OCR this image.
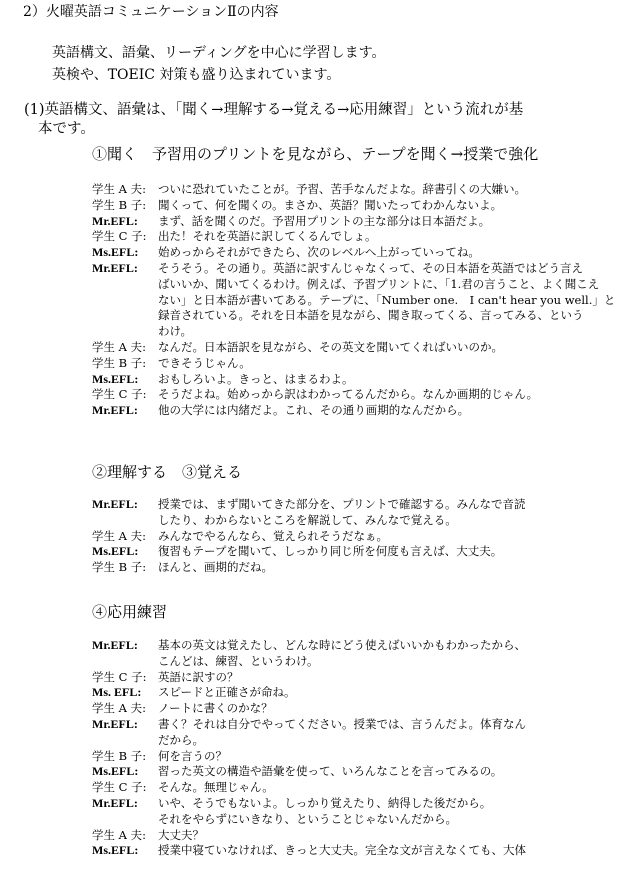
2）火曜英語コミュニケーションⅡの内容
英語構文、語彙、リーディングを中心に学習します。
英検や、TOEIC 対策も盛り込まれています。
(1)英語構文、語彙は、「聞く→理解する→覚える→応用練習」という流れが基
本です。
①聞く　予習用のプリントを見ながら、テープを聞く→授業で強化
学生 A 夫:	ついに恐れていたことが。予習、苦手なんだよな。辞書引くの大嫌い。
学生 B 子:	聞くって、何を聞くの。まさか、英語？聞いたってわかんないよ。
Mr.EFL:	まず、話を聞くのだ。予習用プリントの主な部分は日本語だよ。
学生 C 子:	出た！それを英語に訳してくるんでしょ。
Ms.EFL:	始めっからそれができたら、次のレベルへ上がっていってね。
Mr.EFL:	そうそう。その通り。英語に訳すんじゃなくって、その日本語を英語ではどう言え
ばいいか、聞いてくるわけ。例えば、予習プリントに、「1.君の言うこと、よく聞こえ
ない」と日本語が書いてある。テープに、「Number one.　I can't hear you well.」と
録音されている。それを日本語を見ながら、聞き取ってくる、言ってみる、という
わけ。
学生 A 夫:	なんだ。日本語訳を見ながら、その英文を聞いてくればいいのか。
学生 B 子:	できそうじゃん。
Ms.EFL:	おもしろいよ。きっと、はまるわよ。
学生 C 子:	そうだよね。始めっから訳はわかってるんだから。なんか画期的じゃん。
Mr.EFL:	他の大学には内緒だよ。これ、その通り画期的なんだから。
②理解する　③覚える
Mr.EFL:	授業では、まず聞いてきた部分を、プリントで確認する。みんなで音読
したり、わからないところを解説して、みんなで覚える。
学生 A 夫:	みんなでやるんなら、覚えられそうだなぁ。
Ms.EFL:	復習もテープを聞いて、しっかり同じ所を何度も言えば、大丈夫。
学生 B 子:	ほんと、画期的だね。
④応用練習
Mr.EFL:	基本の英文は覚えたし、どんな時にどう使えばいいかもわかったから、
こんどは、練習、というわけ。
学生 C 子:	英語に訳すの？
Ms. EFL:	スピードと正確さが命ね。
学生 A 夫:	ノートに書くのかな？
Mr.EFL:	書く？それは自分でやってください。授業では、言うんだよ。体育なん
だから。
学生 B 子:	何を言うの？
Ms.EFL:	習った英文の構造や語彙を使って、いろんなことを言ってみるの。
学生 C 子:	そんな。無理じゃん。
Mr.EFL:	いや、そうでもないよ。しっかり覚えたり、納得した後だから。
それをやらずにいきなり、ということじゃないんだから。
学生 A 夫:	大丈夫？
Ms.EFL:	授業中寝ていなければ、きっと大丈夫。完全な文が言えなくても、大体
